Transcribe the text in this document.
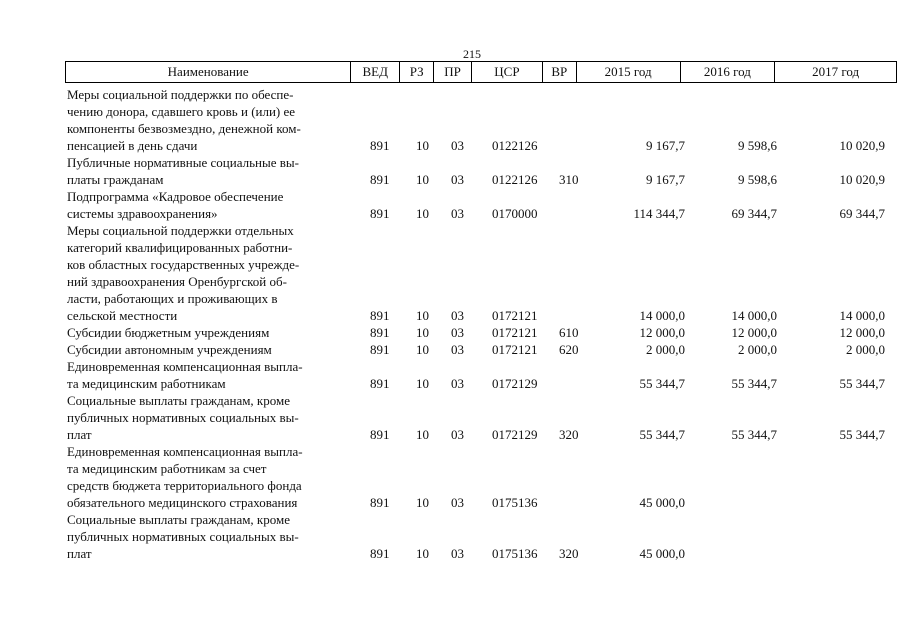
215
Наименование	ВЕД	РЗ	ПР	ЦСР	ВР	2015 год	2016 год	2017 год
Меры социальной поддержки по обеспе-
чению донора, сдавшего кровь и (или) ее
компоненты безвозмездно, денежной ком-
пенсацией в день сдачи	891 10 03 0122126	9 167,7	9 598,6	10 020,9
Публичные нормативные социальные вы-
платы гражданам	891 10 03 0122126 310	9 167,7	9 598,6	10 020,9
Подпрограмма «Кадровое обеспечение
системы здравоохранения»	891 10 03 0170000	114 344,7	69 344,7	69 344,7
Меры социальной поддержки отдельных
категорий квалифицированных работни-
ков областных государственных учрежде-
ний здравоохранения Оренбургской об-
ласти, работающих и проживающих в
сельской местности	891 10 03 0172121	14 000,0	14 000,0	14 000,0
Субсидии бюджетным учреждениям	891 10 03 0172121 610	12 000,0	12 000,0	12 000,0
Субсидии автономным учреждениям	891 10 03 0172121 620	2 000,0	2 000,0	2 000,0
Единовременная компенсационная выпла-
та медицинским работникам	891 10 03 0172129	55 344,7	55 344,7	55 344,7
Социальные выплаты гражданам, кроме
публичных нормативных социальных вы-
плат	891 10 03 0172129 320	55 344,7	55 344,7	55 344,7
Единовременная компенсационная выпла-
та медицинским работникам за счет
средств бюджета территориального фонда
обязательного медицинского страхования	891 10 03 0175136	45 000,0
Социальные выплаты гражданам, кроме
публичных нормативных социальных вы-
плат	891 10 03 0175136 320	45 000,0
